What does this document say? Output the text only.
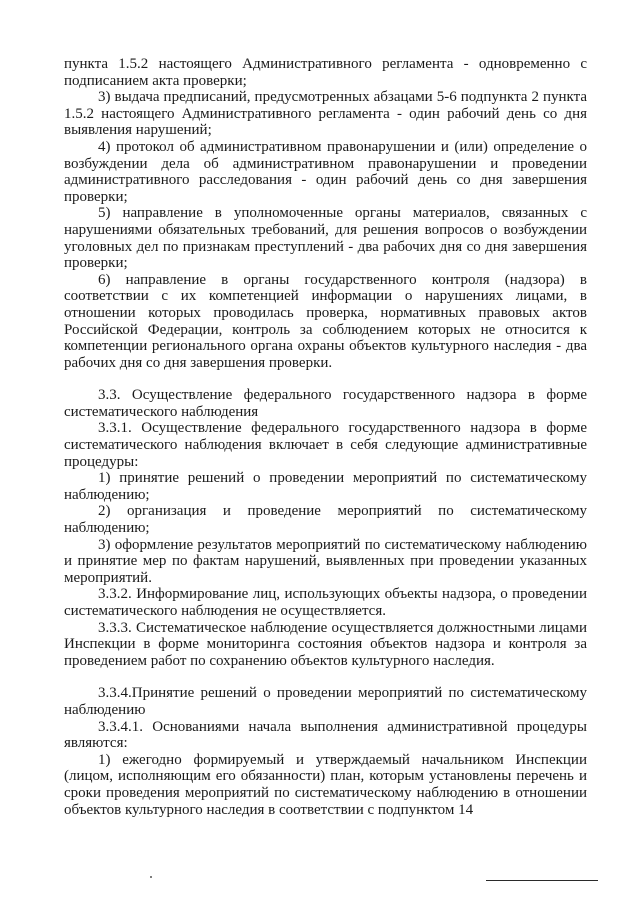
пункта 1.5.2 настоящего Административного регламента - одновременно с подписанием акта проверки;

3) выдача предписаний, предусмотренных абзацами 5-6 подпункта 2 пункта 1.5.2 настоящего Административного регламента - один рабочий день со дня выявления нарушений;

4) протокол об административном правонарушении и (или) определение о возбуждении дела об административном правонарушении и проведении административного расследования - один рабочий день со дня завершения проверки;

5) направление в уполномоченные органы материалов, связанных с нарушениями обязательных требований, для решения вопросов о возбуждении уголовных дел по признакам преступлений - два рабочих дня со дня завершения проверки;

6) направление в органы государственного контроля (надзора) в соответствии с их компетенцией информации о нарушениях лицами, в отношении которых проводилась проверка, нормативных правовых актов Российской Федерации, контроль за соблюдением которых не относится к компетенции регионального органа охраны объектов культурного наследия - два рабочих дня со дня завершения проверки.

3.3. Осуществление федерального государственного надзора в форме систематического наблюдения

3.3.1. Осуществление федерального государственного надзора в форме систематического наблюдения включает в себя следующие административные процедуры:

1) принятие решений о проведении мероприятий по систематическому наблюдению;

2) организация и проведение мероприятий по систематическому наблюдению;

3) оформление результатов мероприятий по систематическому наблюдению и принятие мер по фактам нарушений, выявленных при проведении указанных мероприятий.

3.3.2. Информирование лиц, использующих объекты надзора, о проведении систематического наблюдения не осуществляется.

3.3.3. Систематическое наблюдение осуществляется должностными лицами Инспекции в форме мониторинга состояния объектов надзора и контроля за проведением работ по сохранению объектов культурного наследия.

3.3.4.Принятие решений о проведении мероприятий по систематическому наблюдению

3.3.4.1. Основаниями начала выполнения административной процедуры являются:

1) ежегодно формируемый и утверждаемый начальником Инспекции (лицом, исполняющим его обязанности) план, которым установлены перечень и сроки проведения мероприятий по систематическому наблюдению в отношении объектов культурного наследия в соответствии с подпунктом 14
